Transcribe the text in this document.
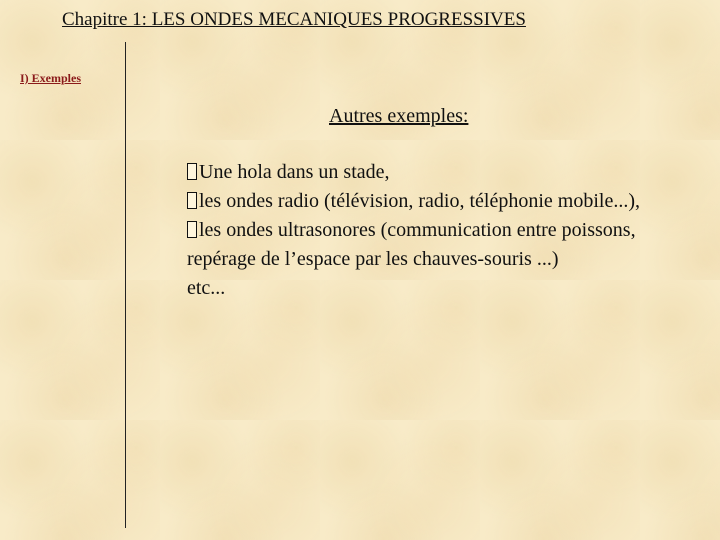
Chapitre 1: LES ONDES MECANIQUES PROGRESSIVES
I) Exemples
Autres exemples:
Une hola dans un stade,
les ondes radio (télévision, radio, téléphonie mobile...),
les ondes ultrasonores (communication entre poissons, repérage de l’espace par les chauves-souris ...)
etc...
